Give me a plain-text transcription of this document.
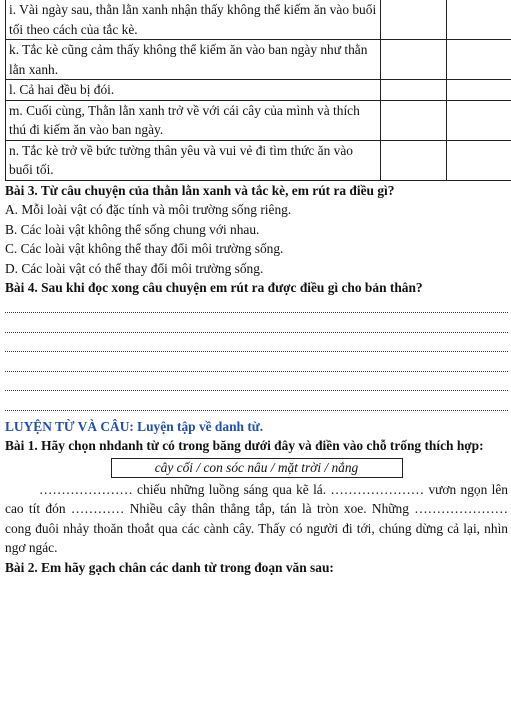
i. Vài ngày sau, thằn lằn xanh nhận thấy không thể kiếm ăn vào buổi tối theo cách của tắc kè.		
k. Tắc kè cũng cảm thấy không thể kiếm ăn vào ban ngày như thằn lằn xanh.		
l. Cả hai đều bị đói.		
m. Cuối cùng, Thằn lằn xanh trở về với cái cây của mình và thích thú đi kiếm ăn vào ban ngày.		
n. Tắc kè trở về bức tường thân yêu và vui vẻ đi tìm thức ăn vào buổi tối.		

Bài 3. Từ câu chuyện của thằn lằn xanh và tắc kè, em rút ra điều gì?

A. Mỗi loài vật có đặc tính và môi trường sống riêng.

B. Các loài vật không thể sống chung với nhau.

C. Các loài vật không thể thay đổi môi trường sống.

D. Các loài vật có thể thay đổi môi trường sống.

Bài 4. Sau khi đọc xong câu chuyện em rút ra được điều gì cho bản thân?

LUYỆN TỪ VÀ CÂU: Luyện tập về danh từ.

Bài 1. Hãy chọn nhdanh từ có trong băng dưới đây và điền vào chỗ trống thích hợp:

cây cối / con sóc nâu / mặt trời / nắng

………………… chiếu những luồng sáng qua kẽ lá. ………………… vươn ngọn lên cao tít đón ………… Nhiều cây thân thẳng tắp, tán là tròn xoe. Những ………………… cong đuôi nhảy thoăn thoắt qua các cành cây. Thấy có người đi tới, chúng dừng cả lại, nhìn ngơ ngác.

Bài 2. Em hãy gạch chân các danh từ trong đoạn văn sau:
